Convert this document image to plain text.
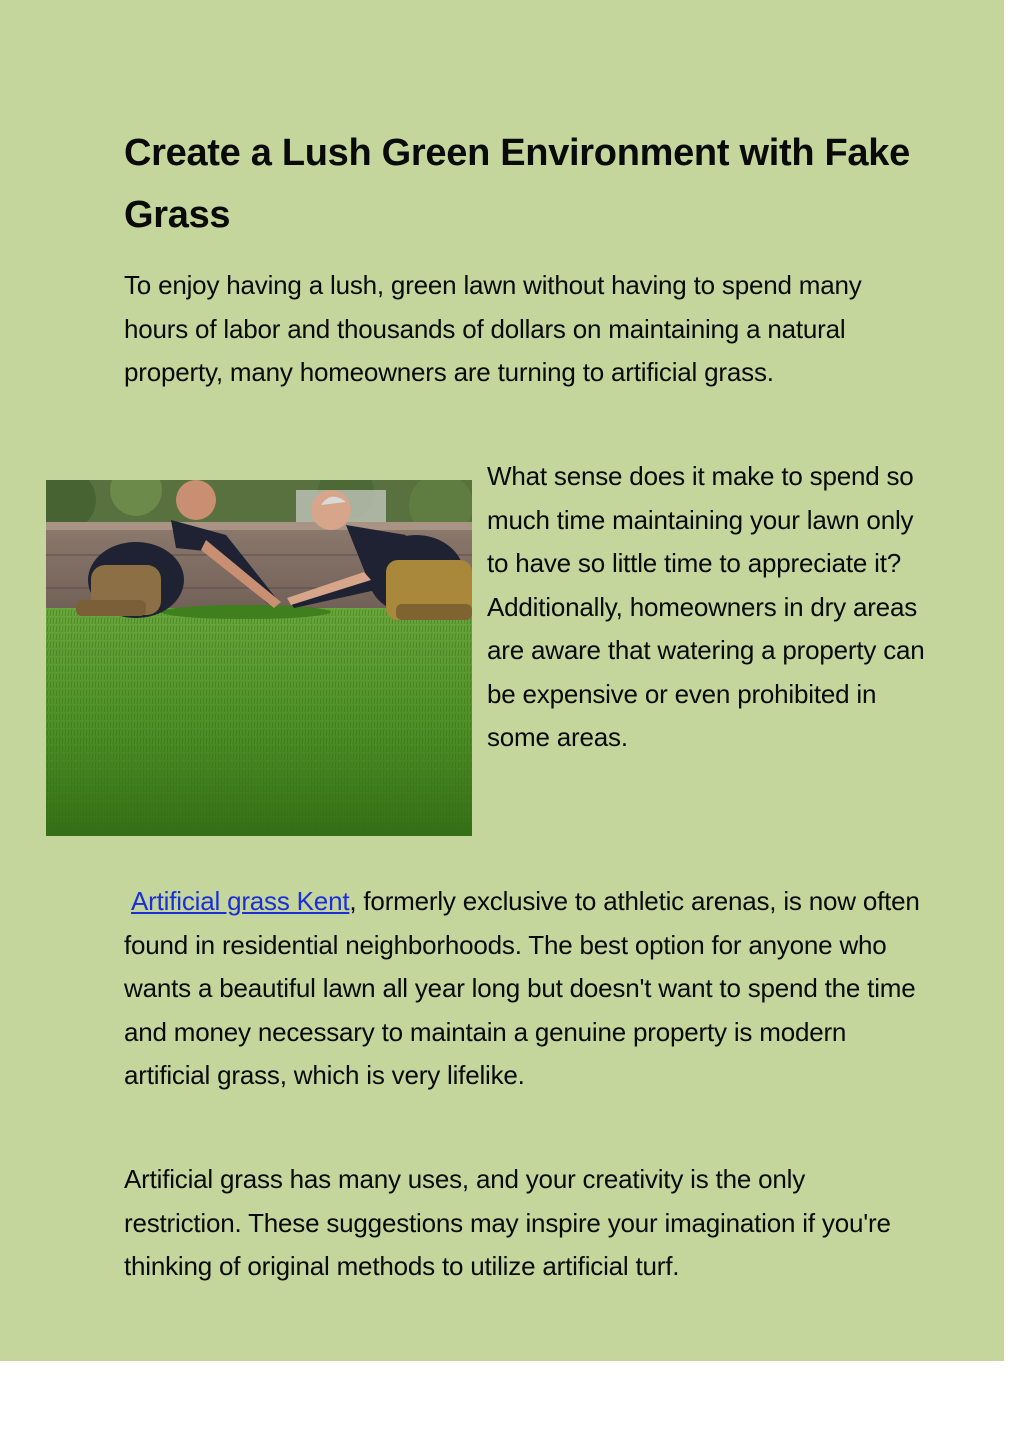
Create a Lush Green Environment with Fake Grass

To enjoy having a lush, green lawn without having to spend many hours of labor and thousands of dollars on maintaining a natural property, many homeowners are turning to artificial grass.

What sense does it make to spend so much time maintaining your lawn only to have so little time to appreciate it? Additionally, homeowners in dry areas are aware that watering a property can be expensive or even prohibited in some areas.

Artificial grass Kent, formerly exclusive to athletic arenas, is now often found in residential neighborhoods. The best option for anyone who wants a beautiful lawn all year long but doesn't want to spend the time and money necessary to maintain a genuine property is modern artificial grass, which is very lifelike.

Artificial grass has many uses, and your creativity is the only restriction. These suggestions may inspire your imagination if you're thinking of original methods to utilize artificial turf.
